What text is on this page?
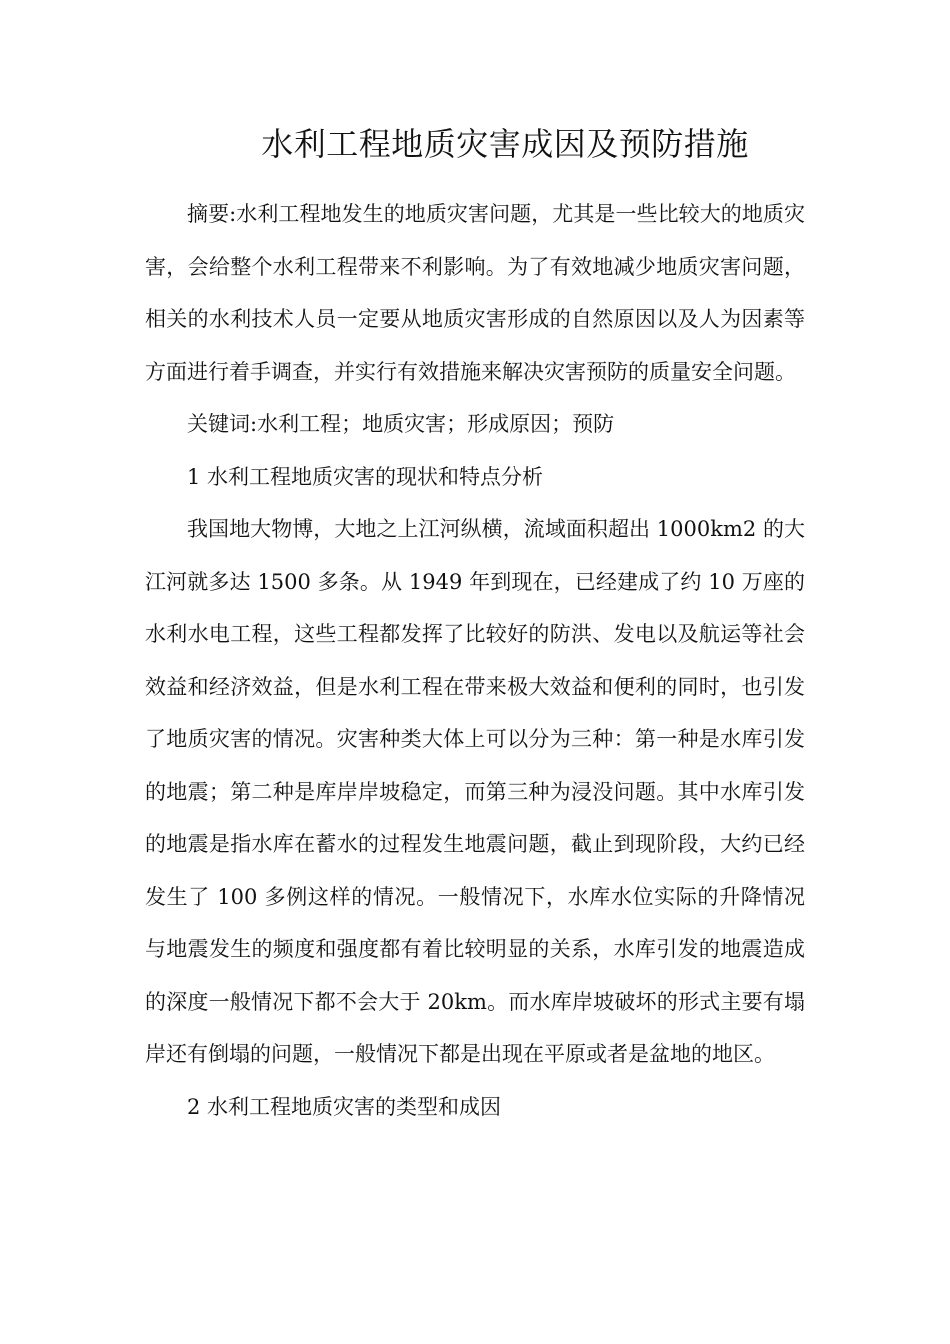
水利工程地质灾害成因及预防措施

摘要:水利工程地发生的地质灾害问题，尤其是一些比较大的地质灾害，会给整个水利工程带来不利影响。为了有效地减少地质灾害问题，相关的水利技术人员一定要从地质灾害形成的自然原因以及人为因素等方面进行着手调查，并实行有效措施来解决灾害预防的质量安全问题。

关键词:水利工程；地质灾害；形成原因；预防

1 水利工程地质灾害的现状和特点分析

我国地大物博，大地之上江河纵横，流域面积超出 1000km2 的大江河就多达 1500 多条。从 1949 年到现在，已经建成了约 10 万座的水利水电工程，这些工程都发挥了比较好的防洪、发电以及航运等社会效益和经济效益，但是水利工程在带来极大效益和便利的同时，也引发了地质灾害的情况。灾害种类大体上可以分为三种：第一种是水库引发的地震；第二种是库岸岸坡稳定，而第三种为浸没问题。其中水库引发的地震是指水库在蓄水的过程发生地震问题，截止到现阶段，大约已经发生了 100 多例这样的情况。一般情况下，水库水位实际的升降情况与地震发生的频度和强度都有着比较明显的关系，水库引发的地震造成的深度一般情况下都不会大于 20km。而水库岸坡破坏的形式主要有塌岸还有倒塌的问题，一般情况下都是出现在平原或者是盆地的地区。

2 水利工程地质灾害的类型和成因
